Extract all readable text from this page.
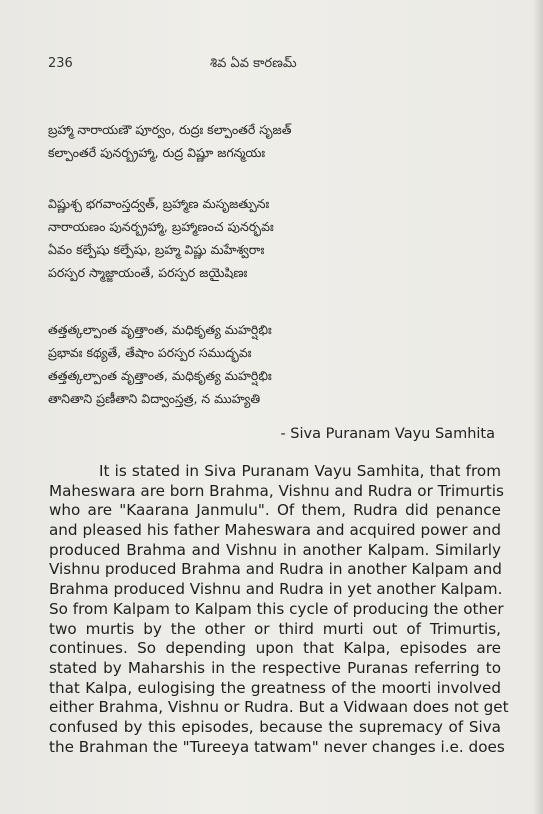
236	శివ ఏవ కారణమ్
బ్రహ్మా నారాయణౌ పూర్వం, రుద్రః కల్పాంతరే సృజత్
కల్పాంతరే పునర్బ్రహ్మా, రుద్ర విష్ణూ జగన్మయః
విష్ణుశ్చ భగవాంస్తద్వత్, బ్రహ్మాణ మసృజత్పునః
నారాయణం పునర్బ్రహ్మా, బ్రహ్మాణంచ పునర్భవః
ఏవం కల్పేషు కల్పేషు, బ్రహ్మ విష్ణు మహేశ్వరాః
పరస్పర స్మాజ్జాయంతే, పరస్పర జయైషిణః
తత్తత్కల్పాంత వృత్తాంత, మధికృత్య మహర్షిభిః
ప్రభావః కథ్యతే, తేషాం పరస్పర సముద్భవః
తత్తత్కల్పాంత వృత్తాంత, మధికృత్య మహర్షిభిః
తానితాని ప్రణీతాని విద్వాంస్తత్ర, న ముహ్యతి
- Siva Puranam Vayu Samhita
It is stated in Siva Puranam Vayu Samhita, that from
Maheswara are born Brahma, Vishnu and Rudra or Trimurtis
who are "Kaarana Janmulu". Of them, Rudra did penance
and pleased his father Maheswara and acquired power and
produced Brahma and Vishnu in another Kalpam. Similarly
Vishnu produced Brahma and Rudra in another Kalpam and
Brahma produced Vishnu and Rudra in yet another Kalpam.
So from Kalpam to Kalpam this cycle of producing the other
two murtis by the other or third murti out of Trimurtis,
continues. So depending upon that Kalpa, episodes are
stated by Maharshis in the respective Puranas referring to
that Kalpa, eulogising the greatness of the moorti involved
either Brahma, Vishnu or Rudra. But a Vidwaan does not get
confused by this episodes, because the supremacy of Siva
the Brahman the "Tureeya tatwam" never changes i.e. does
